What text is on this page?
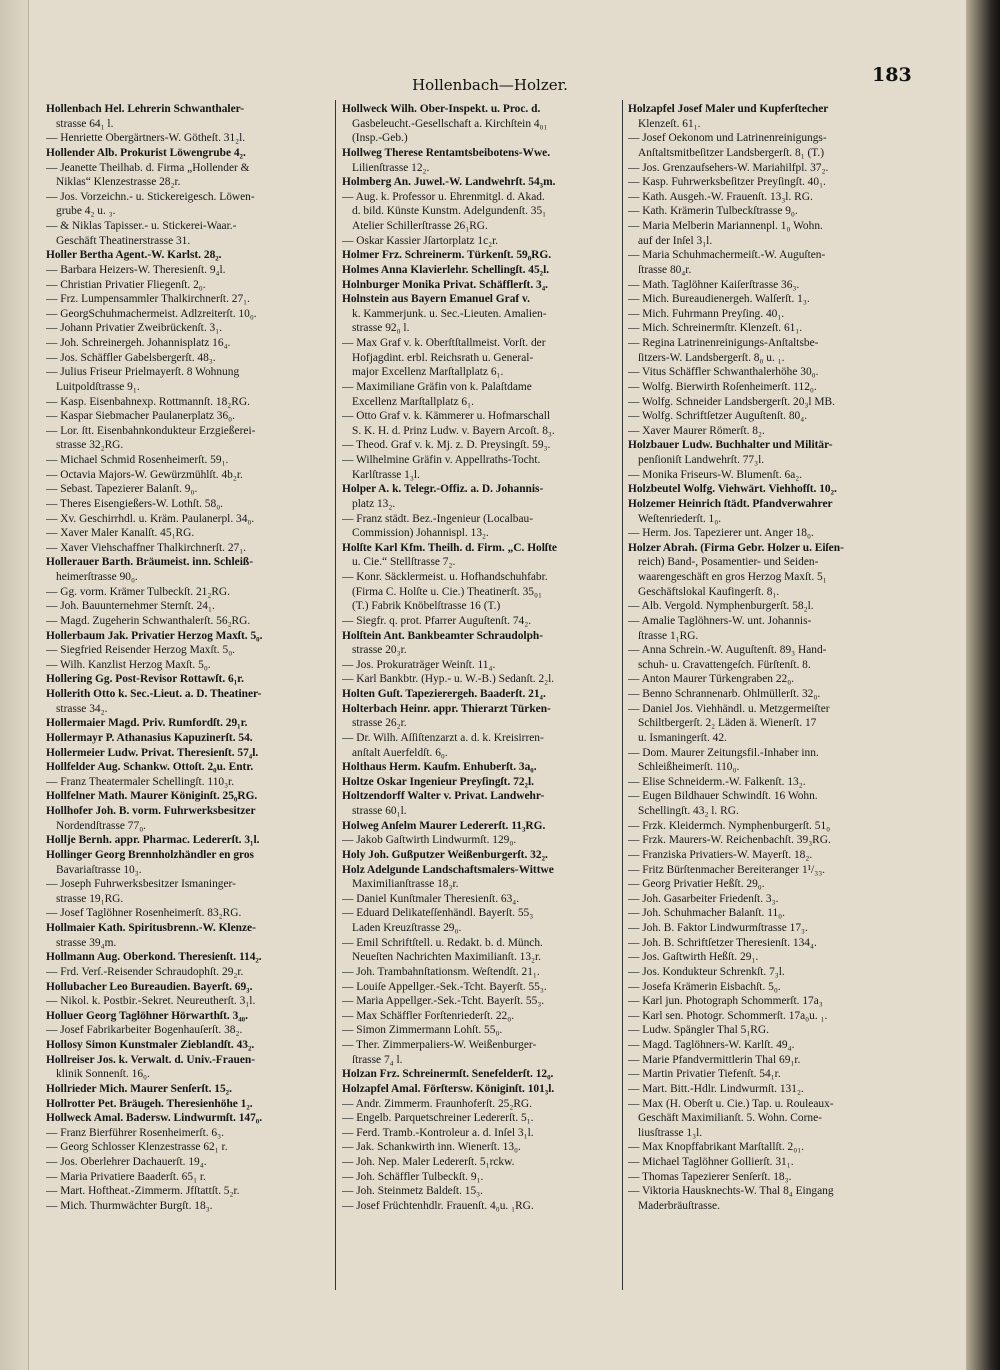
Hollenbach—Holzer.	183
Hollenbach Hel. Lehrerin Schwanthaler-
strasse 64₁ l.
— Henriette Obergärtners-W. Götheſt. 31₂l.
Hollender Alb. Prokurist Löwengrube 4₂.
— Jeanette Theilhab. d. Firma „Hollender &
Niklas“ Klenzestrasse 28₂r.
— Jos. Vorzeichn.- u. Stickereigesch. Löwen-
grube 4₂ u. ₃.
— & Niklas Tapisser.- u. Stickerei-Waar.-
Geschäft Theatinerstrasse 31.
Holler Bertha Agent.-W. Karlst. 28₂.
— Barbara Heizers-W. Theresienſt. 9₄l.
— Christian Privatier Fliegenſt. 2₀.
— Frz. Lumpensammler Thalkirchnerſt. 27₁.
— GeorgSchuhmachermeist. Adlzreiterſt. 10₀.
— Johann Privatier Zweibrückenſt. 3₁.
— Joh. Schreinergeh. Johannisplatz 16₄.
— Jos. Schäffler Gabelsbergerſt. 48₃.
— Julius Friseur Prielmayerſt. 8 Wohnung
Luitpoldſtrasse 9₁.
— Kasp. Eisenbahnexp. Rottmannſt. 18₂RG.
— Kaspar Siebmacher Paulanerplatz 36₀.
— Lor. ſtt. Eisenbahnkondukteur Erzgießerei-
strasse 32₂RG.
— Michael Schmid Rosenheimerſt. 59₁.
— Octavia Majors-W. Gewürzmühlſt. 4b₂r.
— Sebast. Tapezierer Balanſt. 9₀.
— Theres Eisengießers-W. Lothſt. 58₀.
— Xv. Geschirrhdl. u. Kräm. Paulanerpl. 34₀.
— Xaver Maler Kanalſt. 45₁RG.
— Xaver Viehschaffner Thalkirchnerſt. 27₁.
Hollerauer Barth. Bräumeist. inn. Schleiß-
heimerſtrasse 90₀.
— Gg. vorm. Krämer Tulbeckſt. 21₂RG.
— Joh. Bauunternehmer Sternſt. 24₁.
— Magd. Zugeherin Schwanthalerſt. 56₂RG.
Hollerbaum Jak. Privatier Herzog Maxſt. 5₀.
— Siegfried Reisender Herzog Maxſt. 5₀.
— Wilh. Kanzlist Herzog Maxſt. 5₀.
Hollering Gg. Post-Revisor Rottawſt. 6₁r.
Hollerith Otto k. Sec.-Lieut. a. D. Theatiner-
strasse 34₂.
Hollermaier Magd. Priv. Rumfordſt. 29₁r.
Hollermayr P. Athanasius Kapuzinerſt. 54.
Hollermeier Ludw. Privat. Theresienſt. 57₄l.
Hollfelder Aug. Schankw. Ottoſt. 2₀u. Entr.
— Franz Theatermaler Schellingſt. 110₃r.
Hollfelner Math. Maurer Königinſt. 25₀RG.
Hollhofer Joh. B. vorm. Fuhrwerksbesitzer
Nordendſtrasse 77₀.
Hollje Bernh. appr. Pharmac. Ledererſt. 3₁l.
Hollinger Georg Brennholzhändler en gros
Bavariaſtrasse 10₃.
— Joseph Fuhrwerksbesitzer Ismaninger-
strasse 19₁RG.
— Josef Taglöhner Rosenheimerſt. 83₂RG.
Hollmaier Kath. Spiritusbrenn.-W. Klenze-
strasse 39₄m.
Hollmann Aug. Oberkond. Theresienſt. 114₂.
— Frd. Verſ.-Reisender Schraudophſt. 29₂r.
Hollubacher Leo Bureaudien. Bayerſt. 69₃.
— Nikol. k. Postbir.-Sekret. Neureutherſt. 3₁l.
Holluer Georg Taglöhner Hörwarthſt. 3₄₀.
— Josef Fabrikarbeiter Bogenhauſerſt. 38₂.
Hollosy Simon Kunstmaler Zieblandſt. 43₂.
Hollreiser Jos. k. Verwalt. d. Univ.-Frauen-
klinik Sonnenſt. 16₀.
Hollrieder Mich. Maurer Senſerſt. 15₂.
Hollrotter Pet. Bräugeh. Theresienhöhe 1₂.
Hollweck Amal. Badersw. Lindwurmſt. 147₀.
— Franz Bierführer Rosenheimerſt. 6₃.
— Georg Schlosser Klenzestrasse 62₁ r.
— Jos. Oberlehrer Dachauerſt. 19₄.
— Maria Privatiere Baaderſt. 65₁ r.
— Mart. Hoftheat.-Zimmerm. Jfſtattſt. 5₂r.
— Mich. Thurmwächter Burgſt. 18₃.
Hollweck Wilh. Ober-Inspekt. u. Proc. d.
Gasbeleucht.-Gesellschaft a. Kirchſtein 4₀₁
(Insp.-Geb.)
Hollweg Therese Rentamtsbeibotens-Wwe.
Lilienſtrasse 12₂.
Holmberg An. Juwel.-W. Landwehrſt. 54₃m.
— Aug. k. Professor u. Ehrenmitgl. d. Akad.
d. bild. Künste Kunstm. Adelgundenſt. 35₁
Atelier Schillerſtrasse 26₁RG.
— Oskar Kassier Jſartorplatz 1c₂r.
Holmer Frz. Schreinerm. Türkenſt. 59₀RG.
Holmes Anna Klavierlehr. Schellingſt. 45₂l.
Holnburger Monika Privat. Schäfflerſt. 3₄.
Holnstein aus Bayern Emanuel Graf v.
k. Kammerjunk. u. Sec.-Lieuten. Amalien-
strasse 92₀ l.
— Max Graf v. k. Oberſtſtallmeist. Vorſt. der
Hofjagdint. erbl. Reichsrath u. General-
major Excellenz Marſtallplatz 6₁.
— Maximiliane Gräfin von k. Palaſtdame
Excellenz Marſtallplatz 6₁.
— Otto Graf v. k. Kämmerer u. Hofmarschall
S. K. H. d. Prinz Ludw. v. Bayern Arcoſt. 8₃.
— Theod. Graf v. k. Mj. z. D. Preysingſt. 59₃.
— Wilhelmine Gräfin v. Appellraths-Tocht.
Karlſtrasse 1₃l.
Holper A. k. Telegr.-Offiz. a. D. Johannis-
platz 13₂.
— Franz städt. Bez.-Ingenieur (Localbau-
Commission) Johannispl. 13₂.
Holſte Karl Kfm. Theilh. d. Firm. „C. Holſte
u. Cie.“ Stellſtrasse 7₂.
— Konr. Säcklermeist. u. Hofhandschuhfabr.
(Firma C. Holſte u. Cie.) Theatinerſt. 35₀₁
(T.) Fabrik Knöbelſtrasse 16 (T.)
— Siegfr. q. prot. Pfarrer Auguſtenſt. 74₂.
Holſtein Ant. Bankbeamter Schraudolph-
strasse 20₃r.
— Jos. Prokuraträger Weinſt. 11₄.
— Karl Bankbtr. (Hyp.- u. W.-B.) Sedanſt. 2₂l.
Holten Guſt. Tapezierergeh. Baaderſt. 21₄.
Holterbach Heinr. appr. Thierarzt Türken-
strasse 26₂r.
— Dr. Wilh. Aſſiſtenzarzt a. d. k. Kreisirren-
anſtalt Auerfeldſt. 6₀.
Holthaus Herm. Kaufm. Enhuberſt. 3a₀.
Holtze Oskar Ingenieur Preyſingſt. 72₂l.
Holtzendorff Walter v. Privat. Landwehr-
strasse 60₁l.
Holweg Anſelm Maurer Ledererſt. 11₃RG.
— Jakob Gaſtwirth Lindwurmſt. 129₀.
Holy Joh. Gußputzer Weißenburgerſt. 32₂.
Holz Adelgunde Landschaftsmalers-Wittwe
Maximilianſtrasse 18₃r.
— Daniel Kunſtmaler Theresienſt. 63₄.
— Eduard Delikateſſenhändl. Bayerſt. 55₃
Laden Kreuzſtrasse 29₀.
— Emil Schriftſtell. u. Redakt. b. d. Münch.
Neueſten Nachrichten Maximilianſt. 13₂r.
— Joh. Trambahnſtationsm. Weſtendſt. 21₁.
— Louiſe Appellger.-Sek.-Tcht. Bayerſt. 55₃.
— Maria Appellger.-Sek.-Tcht. Bayerſt. 55₃.
— Max Schäffler Forſtenriederſt. 22₀.
— Simon Zimmermann Lohſt. 55₀.
— Ther. Zimmerpaliers-W. Weißenburger-
ſtrasse 7₄ l.
Holzan Frz. Schreinermſt. Senefelderſt. 12₀.
Holzapfel Amal. Förſtersw. Königinſt. 101₃l.
— Andr. Zimmerm. Fraunhoferſt. 25₂RG.
— Engelb. Parquetschreiner Ledererſt. 5₁.
— Ferd. Tramb.-Kontroleur a. d. Inſel 3₁l.
— Jak. Schankwirth inn. Wienerſt. 13₀.
— Joh. Nep. Maler Ledererſt. 5₁rckw.
— Joh. Schäffler Tulbeckſt. 9₁.
— Joh. Steinmetz Baldeſt. 15₃.
— Josef Früchtenhdlr. Frauenſt. 4₀u. ₁RG.
Holzapfel Josef Maler und Kupferſtecher
Klenzeſt. 61₁.
— Josef Oekonom und Latrinenreinigungs-
Anſtaltsmitbeſitzer Landsbergerſt. 8₁ (T.)
— Jos. Grenzaufsehers-W. Mariahilfpl. 37₂.
— Kasp. Fuhrwerksbeſitzer Preyſingſt. 40₁.
— Kath. Ausgeh.-W. Frauenſt. 13₃l. RG.
— Kath. Krämerin Tulbeckſtrasse 9₀.
— Maria Melberin Mariannenpl. 1₀ Wohn.
auf der Inſel 3₁l.
— Maria Schuhmachermeiſt.-W. Auguſten-
ſtrasse 80₄r.
— Math. Taglöhner Kaiſerſtrasse 36₃.
— Mich. Bureaudienergeh. Walſerſt. 1₃.
— Mich. Fuhrmann Preyſing. 40₁.
— Mich. Schreinermſtr. Klenzeſt. 61₁.
— Regina Latrinenreinigungs-Anſtaltsbe-
ſitzers-W. Landsbergerſt. 8₀ u. ₁.
— Vitus Schäffler Schwanthalerhöhe 30₀.
— Wolfg. Bierwirth Roſenheimerſt. 112₀.
— Wolfg. Schneider Landsbergerſt. 20₃l MB.
— Wolfg. Schriftſetzer Auguſtenſt. 80₄.
— Xaver Maurer Römerſt. 8₂.
Holzbauer Ludw. Buchhalter und Militär-
penſioniſt Landwehrſt. 77₃l.
— Monika Friseurs-W. Blumenſt. 6a₂.
Holzbeutel Wolfg. Viehwärt. Viehhofſt. 10₂.
Holzemer Heinrich ſtädt. Pfandverwahrer
Weſtenriederſt. 1₀.
— Herm. Jos. Tapezierer unt. Anger 18₀.
Holzer Abrah. (Firma Gebr. Holzer u. Eiſen-
reich) Band-, Posamentier- und Seiden-
waarengeschäft en gros Herzog Maxſt. 5₁
Geschäftslokal Kaufingerſt. 8₁.
— Alb. Vergold. Nymphenburgerſt. 58₂l.
— Amalie Taglöhners-W. unt. Johannis-
ſtrasse 1₁RG.
— Anna Schrein.-W. Auguſtenſt. 89₃ Hand-
schuh- u. Cravattengeſch. Fürſtenſt. 8.
— Anton Maurer Türkengraben 22₀.
— Benno Schrannenarb. Ohlmüllerſt. 32₀.
— Daniel Jos. Viehhändl. u. Metzgermeiſter
Schiltbergerſt. 2₂ Läden ä. Wienerſt. 17
u. Ismaningerſt. 42.
— Dom. Maurer Zeitungsfil.-Inhaber inn.
Schleißheimerſt. 110₀.
— Elise Schneiderm.-W. Falkenſt. 13₂.
— Eugen Bildhauer Schwindſt. 16 Wohn.
Schellingſt. 43₂ l. RG.
— Frzk. Kleidermch. Nymphenburgerſt. 51₀
— Frzk. Maurers-W. Reichenbachſt. 39₃RG.
— Franziska Privatiers-W. Mayerſt. 18₂.
— Fritz Bürſtenmacher Bereiteranger 1¹/₃₃.
— Georg Privatier Heßſt. 29₀.
— Joh. Gasarbeiter Friedenſt. 3₃.
— Joh. Schuhmacher Balanſt. 11₀.
— Joh. B. Faktor Lindwurmſtrasse 17₃.
— Joh. B. Schriftſetzer Theresienſt. 134₄.
— Jos. Gaſtwirth Heßſt. 29₁.
— Jos. Kondukteur Schrenkſt. 7₃l.
— Josefa Krämerin Eisbachſt. 5₀.
— Karl jun. Photograph Schommerſt. 17a₃
— Karl sen. Photogr. Schommerſt. 17a₀u. ₁.
— Ludw. Spängler Thal 5₁RG.
— Magd. Taglöhners-W. Karlſt. 49₄.
— Marie Pfandvermittlerin Thal 69₁r.
— Martin Privatier Tiefenſt. 54₁r.
— Mart. Bitt.-Hdlr. Lindwurmſt. 131₂.
— Max (H. Oberſt u. Cie.) Tap. u. Rouleaux-
Geschäft Maximilianſt. 5. Wohn. Corne-
liusſtrasse 1₃l.
— Max Knopffabrikant Marſtallſt. 2₀₁.
— Michael Taglöhner Gollierſt. 31₁.
— Thomas Tapezierer Senſerſt. 18₃.
— Viktoria Hausknechts-W. Thal 8₄ Eingang
Maderbräuſtrasse.
